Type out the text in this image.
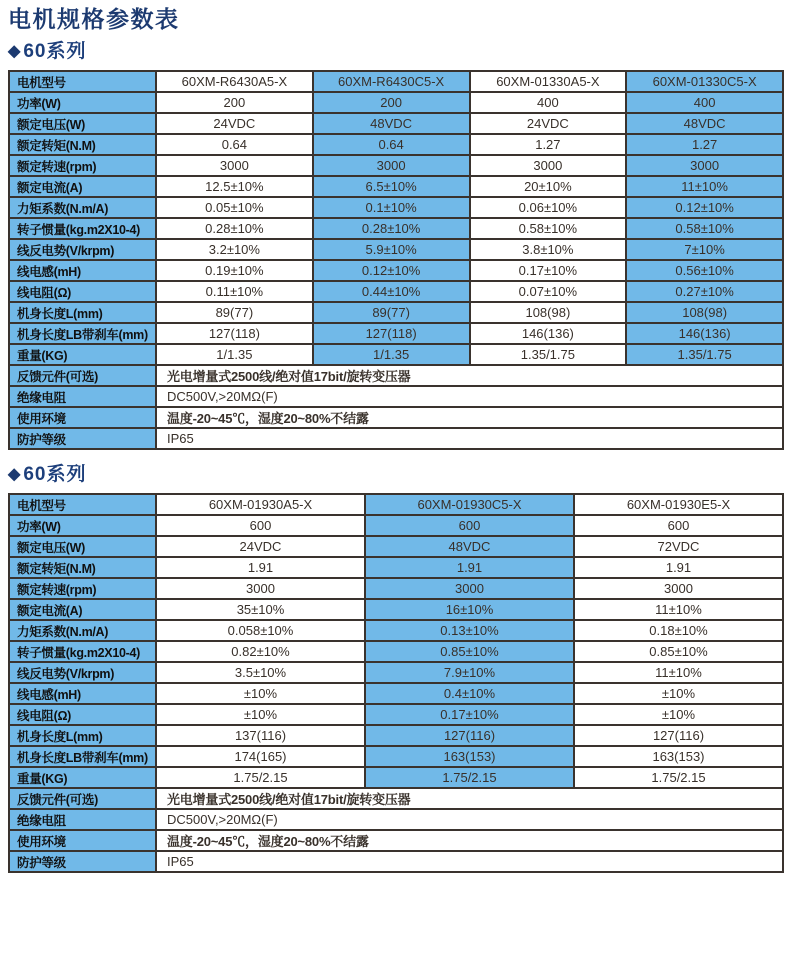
电机规格参数表
◆ 60系列
电机型号	60XM-R6430A5-X	60XM-R6430C5-X	60XM-01330A5-X	60XM-01330C5-X
功率(W)	200	200	400	400
额定电压(W)	24VDC	48VDC	24VDC	48VDC
额定转矩(N.M)	0.64	0.64	1.27	1.27
额定转速(rpm)	3000	3000	3000	3000
额定电流(A)	12.5±10%	6.5±10%	20±10%	11±10%
力矩系数(N.m/A)	0.05±10%	0.1±10%	0.06±10%	0.12±10%
转子惯量(kg.m2X10-4)	0.28±10%	0.28±10%	0.58±10%	0.58±10%
线反电势(V/krpm)	3.2±10%	5.9±10%	3.8±10%	7±10%
线电感(mH)	0.19±10%	0.12±10%	0.17±10%	0.56±10%
线电阻(Ω)	0.11±10%	0.44±10%	0.07±10%	0.27±10%
机身长度L(mm)	89(77)	89(77)	108(98)	108(98)
机身长度LB带刹车(mm)	127(118)	127(118)	146(136)	146(136)
重量(KG)	1/1.35	1/1.35	1.35/1.75	1.35/1.75
反馈元件(可选)	光电增量式2500线/绝对值17bit/旋转变压器			
绝缘电阻	DC500V,>20MΩ(F)			
使用环境	温度-20~45℃，湿度20~80%不结露			
防护等级	IP65			
◆ 60系列
电机型号	60XM-01930A5-X	60XM-01930C5-X	60XM-01930E5-X
功率(W)	600	600	600
额定电压(W)	24VDC	48VDC	72VDC
额定转矩(N.M)	1.91	1.91	1.91
额定转速(rpm)	3000	3000	3000
额定电流(A)	35±10%	16±10%	11±10%
力矩系数(N.m/A)	0.058±10%	0.13±10%	0.18±10%
转子惯量(kg.m2X10-4)	0.82±10%	0.85±10%	0.85±10%
线反电势(V/krpm)	3.5±10%	7.9±10%	11±10%
线电感(mH)	±10%	0.4±10%	±10%
线电阻(Ω)	±10%	0.17±10%	±10%
机身长度L(mm)	137(116)	127(116)	127(116)
机身长度LB带刹车(mm)	174(165)	163(153)	163(153)
重量(KG)	1.75/2.15	1.75/2.15	1.75/2.15
反馈元件(可选)	光电增量式2500线/绝对值17bit/旋转变压器		
绝缘电阻	DC500V,>20MΩ(F)		
使用环境	温度-20~45℃，湿度20~80%不结露		
防护等级	IP65		
